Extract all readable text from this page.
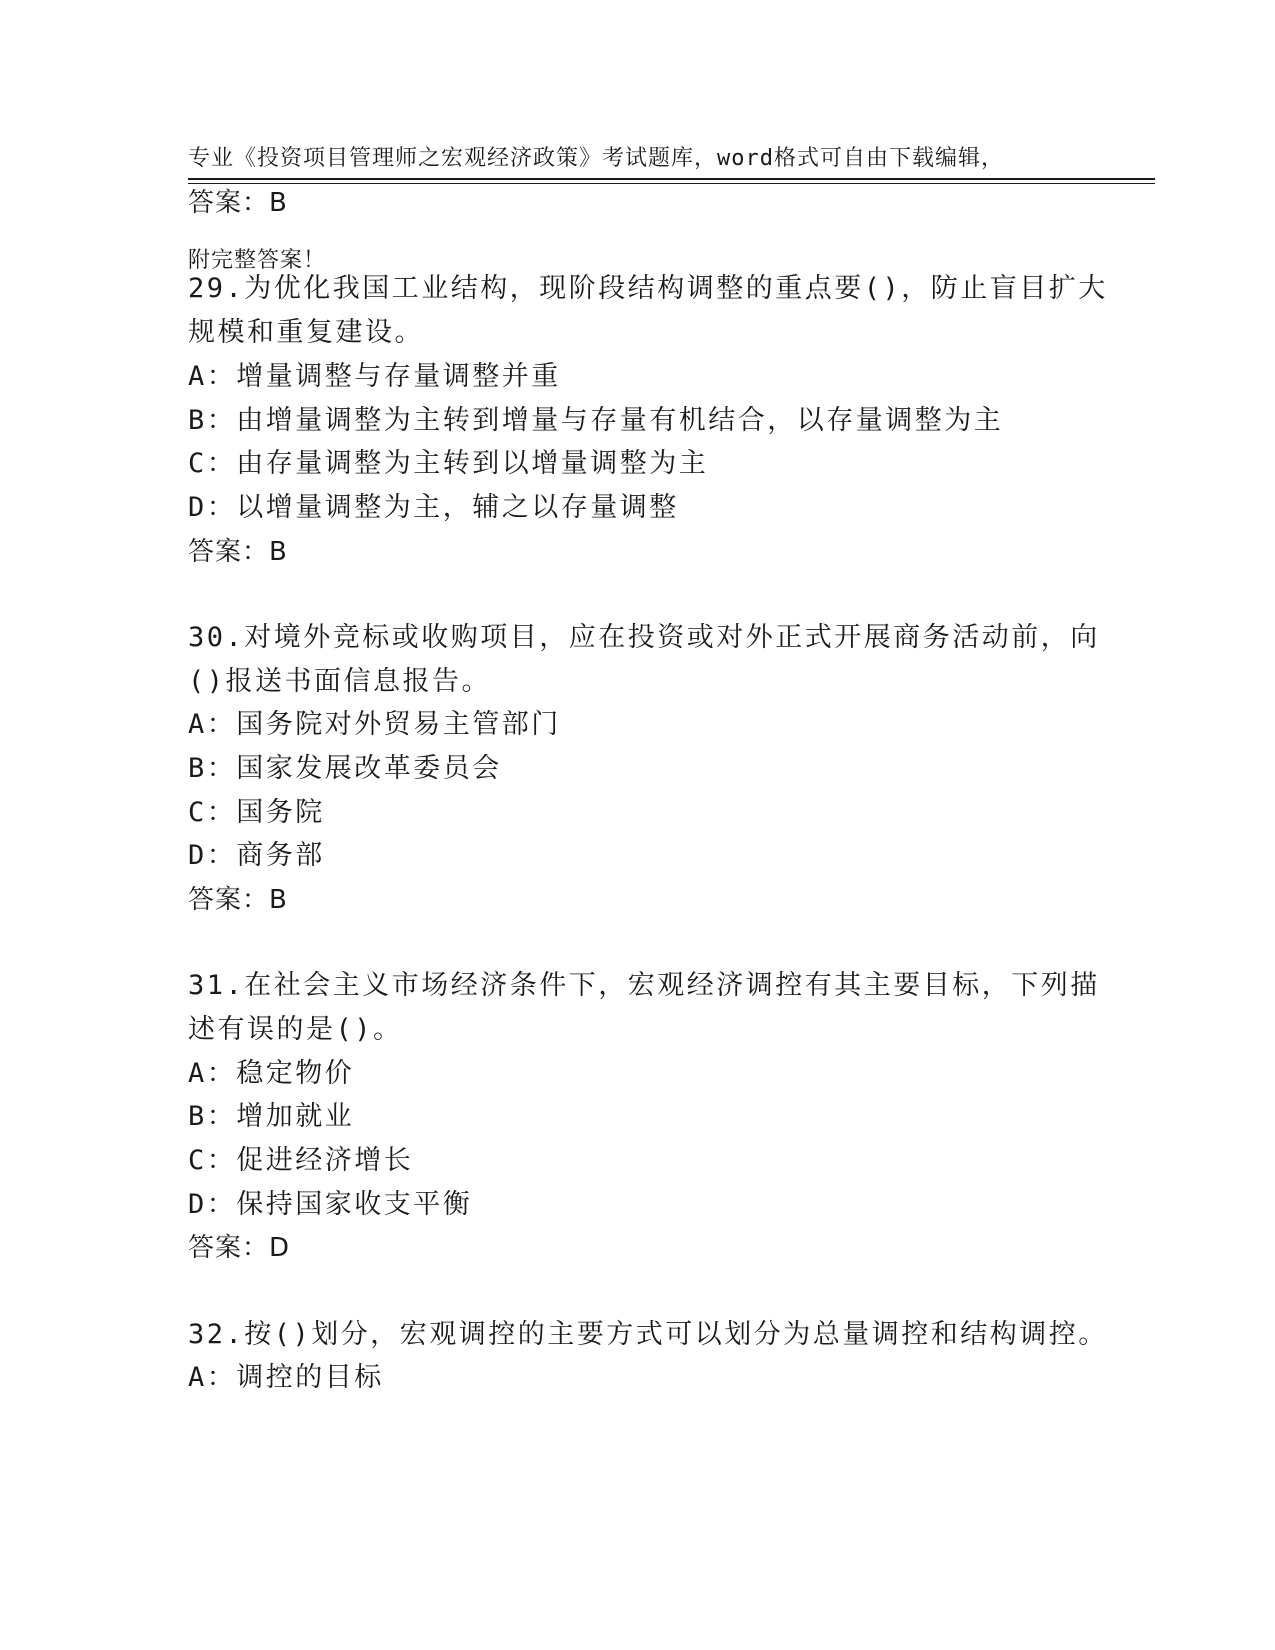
专业《投资项目管理师之宏观经济政策》考试题库，word格式可自由下载编辑，

附完整答案！

答案：B
29.为优化我国工业结构，现阶段结构调整的重点要()，防止盲目扩大
规模和重复建设。
A：增量调整与存量调整并重
B：由增量调整为主转到增量与存量有机结合，以存量调整为主
C：由存量调整为主转到以增量调整为主
D：以增量调整为主，辅之以存量调整
答案：B
30.对境外竞标或收购项目，应在投资或对外正式开展商务活动前，向
()报送书面信息报告。
A：国务院对外贸易主管部门
B：国家发展改革委员会
C：国务院
D：商务部
答案：B
31.在社会主义市场经济条件下，宏观经济调控有其主要目标，下列描
述有误的是()。
A：稳定物价
B：增加就业
C：促进经济增长
D：保持国家收支平衡
答案：D
32.按()划分，宏观调控的主要方式可以划分为总量调控和结构调控。
A：调控的目标
